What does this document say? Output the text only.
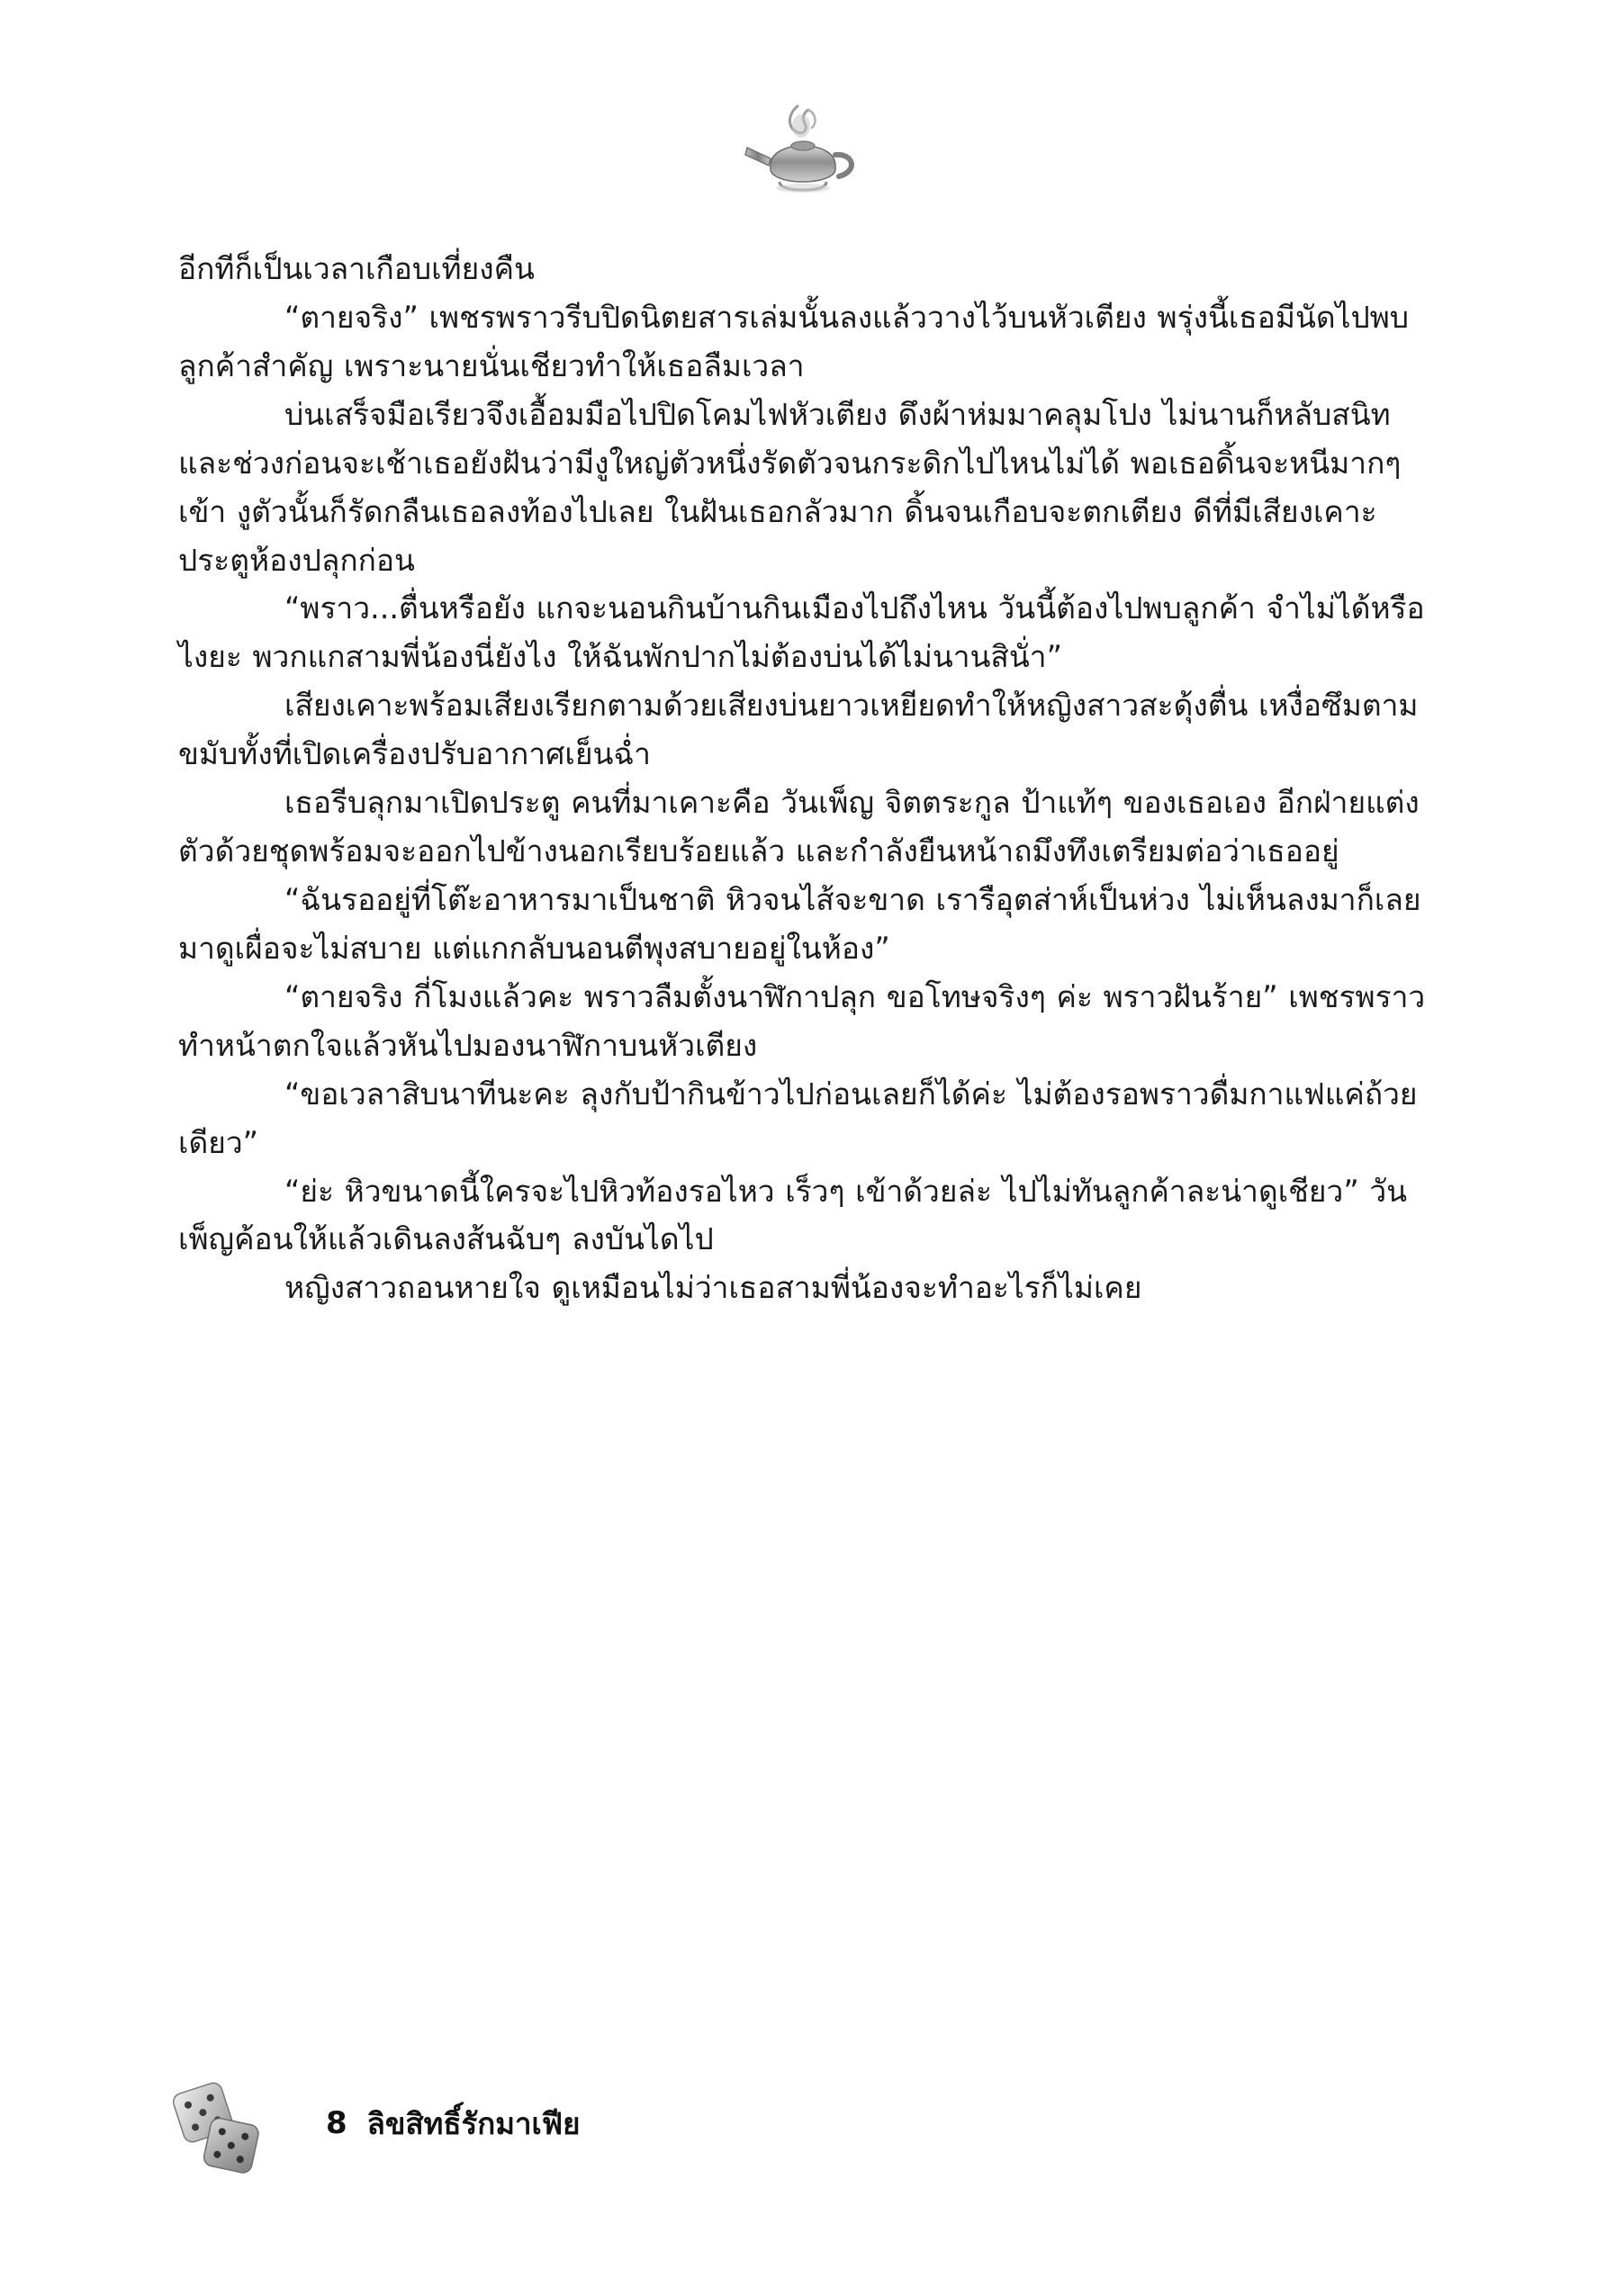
อีกทีก็เป็นเวลาเกือบเที่ยงคืน

“ตายจริง” เพชรพราวรีบปิดนิตยสารเล่มนั้นลงแล้ววางไว้บนหัวเตียง พรุ่งนี้เธอมีนัดไปพบลูกค้าสำคัญ เพราะนายนั่นเชียวทำให้เธอลืมเวลา

บ่นเสร็จมือเรียวจึงเอื้อมมือไปปิดโคมไฟหัวเตียง ดึงผ้าห่มมาคลุมโปง ไม่นานก็หลับสนิท และช่วงก่อนจะเช้าเธอยังฝันว่ามีงูใหญ่ตัวหนึ่งรัดตัวจนกระดิกไปไหนไม่ได้ พอเธอดิ้นจะหนีมากๆ เข้า งูตัวนั้นก็รัดกลืนเธอลงท้องไปเลย ในฝันเธอกลัวมาก ดิ้นจนเกือบจะตกเตียง ดีที่มีเสียงเคาะประตูห้องปลุกก่อน

“พราว...ตื่นหรือยัง แกจะนอนกินบ้านกินเมืองไปถึงไหน วันนี้ต้องไปพบลูกค้า จำไม่ได้หรือไงยะ พวกแกสามพี่น้องนี่ยังไง ให้ฉันพักปากไม่ต้องบ่นได้ไม่นานสินั่า”

เสียงเคาะพร้อมเสียงเรียกตามด้วยเสียงบ่นยาวเหยียดทำให้หญิงสาวสะดุ้งตื่น เหงื่อซึมตามขมับทั้งที่เปิดเครื่องปรับอากาศเย็นฉ่ำ

เธอรีบลุกมาเปิดประตู คนที่มาเคาะคือ วันเพ็ญ จิตตระกูล ป้าแท้ๆ ของเธอเอง อีกฝ่ายแต่งตัวด้วยชุดพร้อมจะออกไปข้างนอกเรียบร้อยแล้ว และกำลังยืนหน้าถมึงทึงเตรียมต่อว่าเธออยู่

“ฉันรออยู่ที่โต๊ะอาหารมาเป็นชาติ หิวจนไส้จะขาด เรารือุตส่าห์เป็นห่วง ไม่เห็นลงมาก็เลยมาดูเผื่อจะไม่สบาย แต่แกกลับนอนตีพุงสบายอยู่ในห้อง”

“ตายจริง กี่โมงแล้วคะ พราวลืมตั้งนาฬิกาปลุก ขอโทษจริงๆ ค่ะ พราวฝันร้าย” เพชรพราวทำหน้าตกใจแล้วหันไปมองนาฬิกาบนหัวเตียง

“ขอเวลาสิบนาทีนะคะ ลุงกับป้ากินข้าวไปก่อนเลยก็ได้ค่ะ ไม่ต้องรอพราวดื่มกาแฟแค่ถ้วยเดียว”

“ย่ะ หิวขนาดนี้ใครจะไปหิวท้องรอไหว เร็วๆ เข้าด้วยล่ะ ไปไม่ทันลูกค้าละน่าดูเชียว” วันเพ็ญค้อนให้แล้วเดินลงส้นฉับๆ ลงบันไดไป

หญิงสาวถอนหายใจ ดูเหมือนไม่ว่าเธอสามพี่น้องจะทำอะไรก็ไม่เคย

8 ลิขสิทธิ์รักมาเฟีย
